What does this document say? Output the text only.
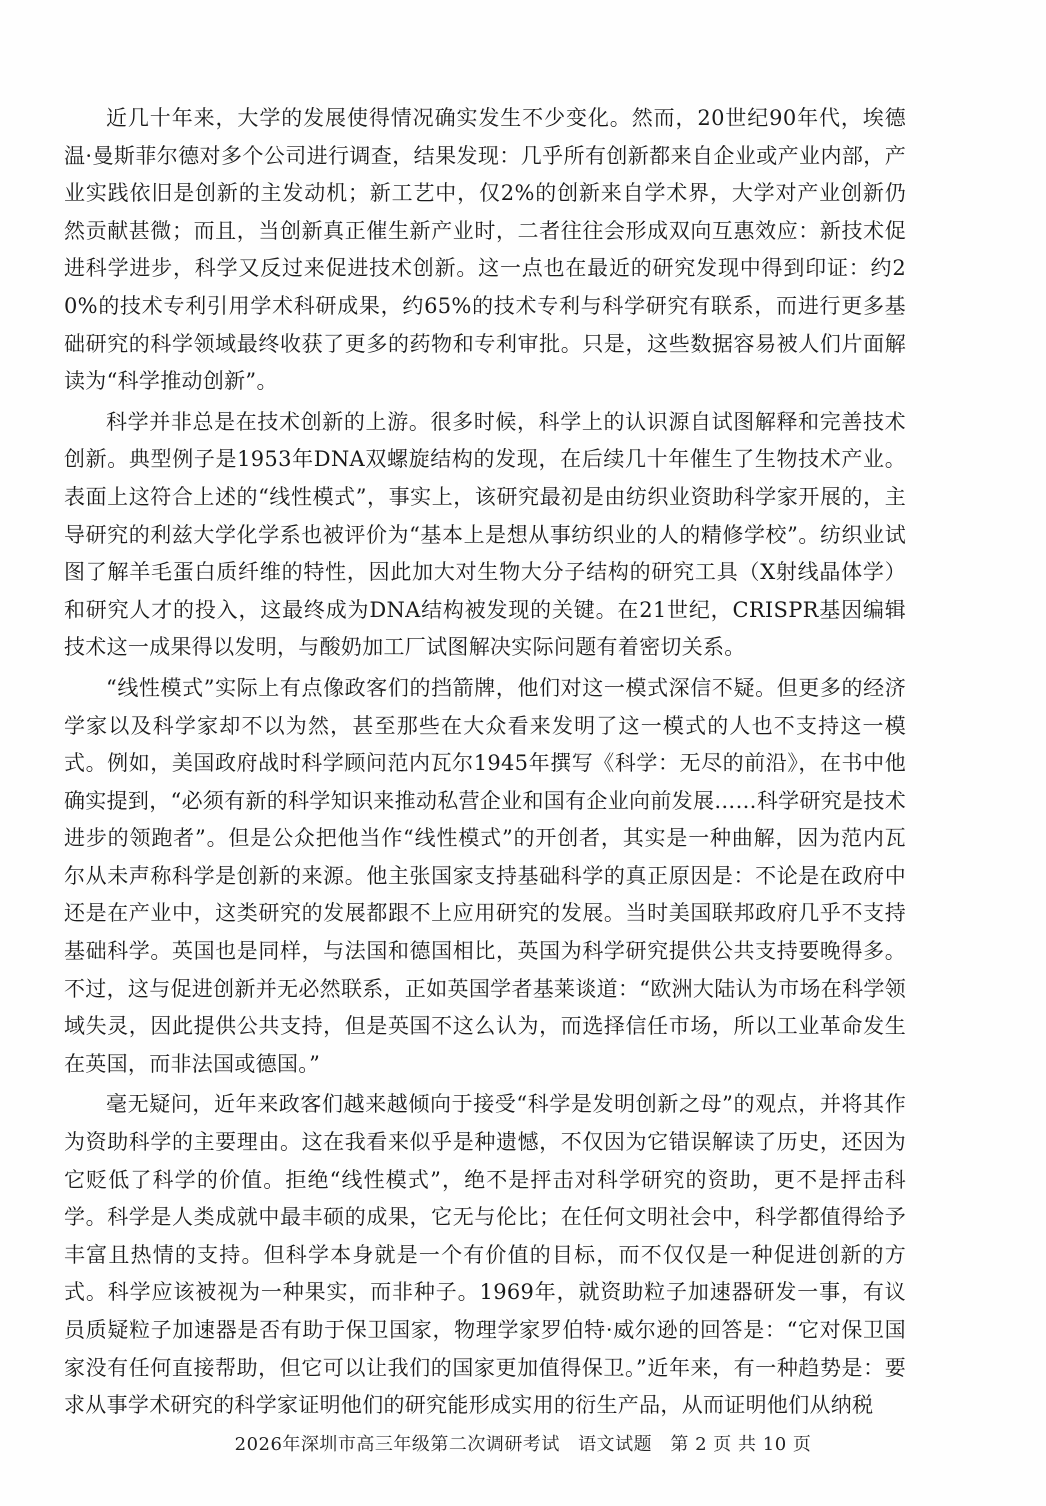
近几十年来，大学的发展使得情况确实发生不少变化。然而，20世纪90年代，埃德温·曼斯菲尔德对多个公司进行调查，结果发现：几乎所有创新都来自企业或产业内部，产业实践依旧是创新的主发动机；新工艺中，仅2%的创新来自学术界，大学对产业创新仍然贡献甚微；而且，当创新真正催生新产业时，二者往往会形成双向互惠效应：新技术促进科学进步，科学又反过来促进技术创新。这一点也在最近的研究发现中得到印证：约20%的技术专利引用学术科研成果，约65%的技术专利与科学研究有联系，而进行更多基础研究的科学领域最终收获了更多的药物和专利审批。只是，这些数据容易被人们片面解读为“科学推动创新”。

科学并非总是在技术创新的上游。很多时候，科学上的认识源自试图解释和完善技术创新。典型例子是1953年DNA双螺旋结构的发现，在后续几十年催生了生物技术产业。表面上这符合上述的“线性模式”，事实上，该研究最初是由纺织业资助科学家开展的，主导研究的利兹大学化学系也被评价为“基本上是想从事纺织业的人的精修学校”。纺织业试图了解羊毛蛋白质纤维的特性，因此加大对生物大分子结构的研究工具（X射线晶体学）和研究人才的投入，这最终成为DNA结构被发现的关键。在21世纪，CRISPR基因编辑技术这一成果得以发明，与酸奶加工厂试图解决实际问题有着密切关系。

“线性模式”实际上有点像政客们的挡箭牌，他们对这一模式深信不疑。但更多的经济学家以及科学家却不以为然，甚至那些在大众看来发明了这一模式的人也不支持这一模式。例如，美国政府战时科学顾问范内瓦尔1945年撰写《科学：无尽的前沿》，在书中他确实提到，“必须有新的科学知识来推动私营企业和国有企业向前发展……科学研究是技术进步的领跑者”。但是公众把他当作“线性模式”的开创者，其实是一种曲解，因为范内瓦尔从未声称科学是创新的来源。他主张国家支持基础科学的真正原因是：不论是在政府中还是在产业中，这类研究的发展都跟不上应用研究的发展。当时美国联邦政府几乎不支持基础科学。英国也是同样，与法国和德国相比，英国为科学研究提供公共支持要晚得多。不过，这与促进创新并无必然联系，正如英国学者基莱谈道：“欧洲大陆认为市场在科学领域失灵，因此提供公共支持，但是英国不这么认为，而选择信任市场，所以工业革命发生在英国，而非法国或德国。”

毫无疑问，近年来政客们越来越倾向于接受“科学是发明创新之母”的观点，并将其作为资助科学的主要理由。这在我看来似乎是种遗憾，不仅因为它错误解读了历史，还因为它贬低了科学的价值。拒绝“线性模式”，绝不是抨击对科学研究的资助，更不是抨击科学。科学是人类成就中最丰硕的成果，它无与伦比；在任何文明社会中，科学都值得给予丰富且热情的支持。但科学本身就是一个有价值的目标，而不仅仅是一种促进创新的方式。科学应该被视为一种果实，而非种子。1969年，就资助粒子加速器研发一事，有议员质疑粒子加速器是否有助于保卫国家，物理学家罗伯特·威尔逊的回答是：“它对保卫国家没有任何直接帮助，但它可以让我们的国家更加值得保卫。”近年来，有一种趋势是：要求从事学术研究的科学家证明他们的研究能形成实用的衍生产品，从而证明他们从纳税

2026年深圳市高三年级第二次调研考试 语文试题 第 2 页 共 10 页
